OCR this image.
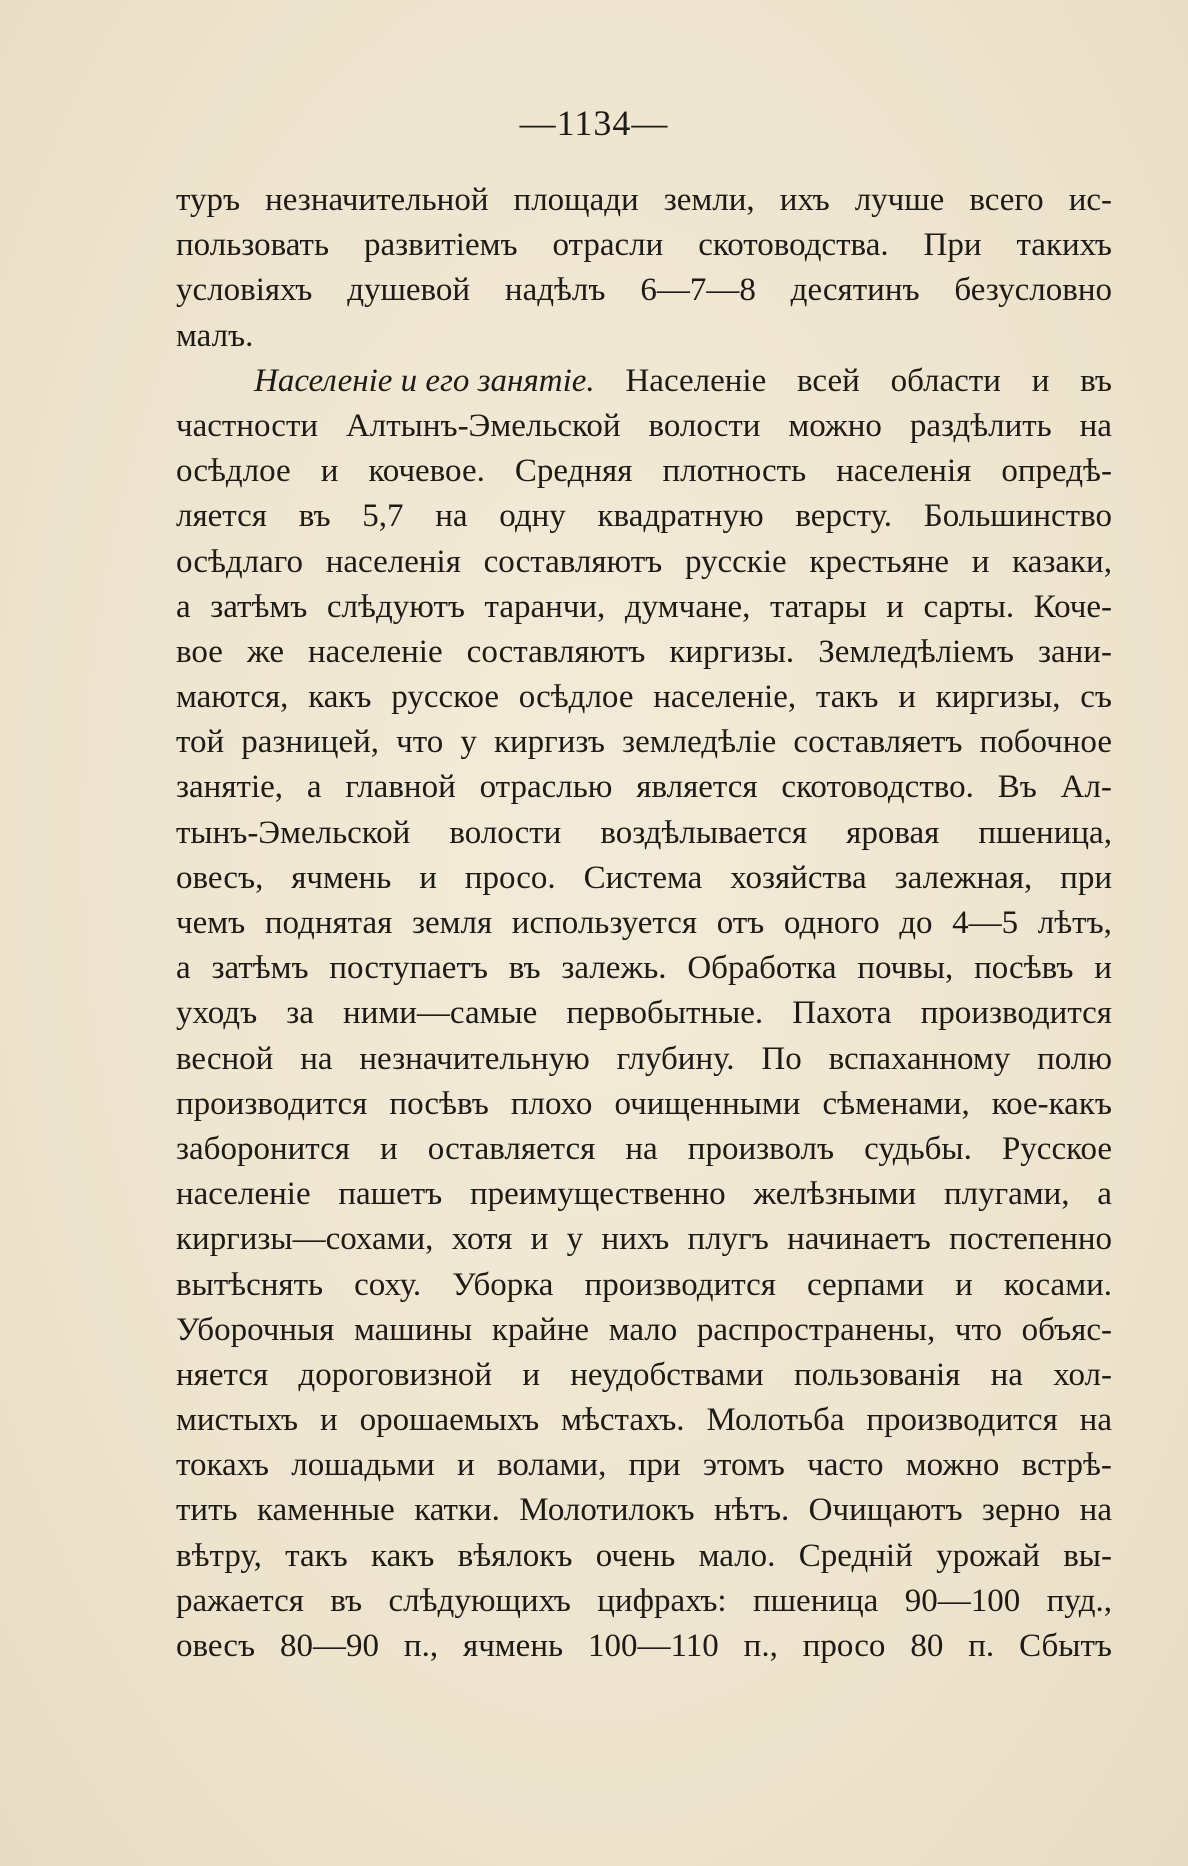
—1134—
туръ незначительной площади земли, ихъ лучше всего ис-
пользовать развитіемъ отрасли скотоводства. При такихъ
условіяхъ душевой надѣлъ 6—7—8 десятинъ безусловно
малъ.
Населеніе и его занятіе. Населеніе всей области и въ
частности Алтынъ-Эмельской волости можно раздѣлить на
осѣдлое и кочевое. Средняя плотность населенія опредѣ-
ляется въ 5,7 на одну квадратную версту. Большинство
осѣдлаго населенія составляютъ русскіе крестьяне и казаки,
а затѣмъ слѣдуютъ таранчи, думчане, татары и сарты. Коче-
вое же населеніе составляютъ киргизы. Земледѣліемъ зани-
маются, какъ русское осѣдлое населеніе, такъ и киргизы, съ
той разницей, что у киргизъ земледѣліе составляетъ побочное
занятіе, а главной отраслью является скотоводство. Въ Ал-
тынъ-Эмельской волости воздѣлывается яровая пшеница,
овесъ, ячмень и просо. Система хозяйства залежная, при
чемъ поднятая земля используется отъ одного до 4—5 лѣтъ,
а затѣмъ поступаетъ въ залежь. Обработка почвы, посѣвъ и
уходъ за ними—самые первобытные. Пахота производится
весной на незначительную глубину. По вспаханному полю
производится посѣвъ плохо очищенными сѣменами, кое-какъ
заборонится и оставляется на произволъ судьбы. Русское
населеніе пашетъ преимущественно желѣзными плугами, а
киргизы—сохами, хотя и у нихъ плугъ начинаетъ постепенно
вытѣснять соху. Уборка производится серпами и косами.
Уборочныя машины крайне мало распространены, что объяс-
няется дороговизной и неудобствами пользованія на хол-
мистыхъ и орошаемыхъ мѣстахъ. Молотьба производится на
токахъ лошадьми и волами, при этомъ часто можно встрѣ-
тить каменные катки. Молотилокъ нѣтъ. Очищаютъ зерно на
вѣтру, такъ какъ вѣялокъ очень мало. Средній урожай вы-
ражается въ слѣдующихъ цифрахъ: пшеница 90—100 пуд.,
овесъ 80—90 п., ячмень 100—110 п., просо 80 п. Сбытъ
